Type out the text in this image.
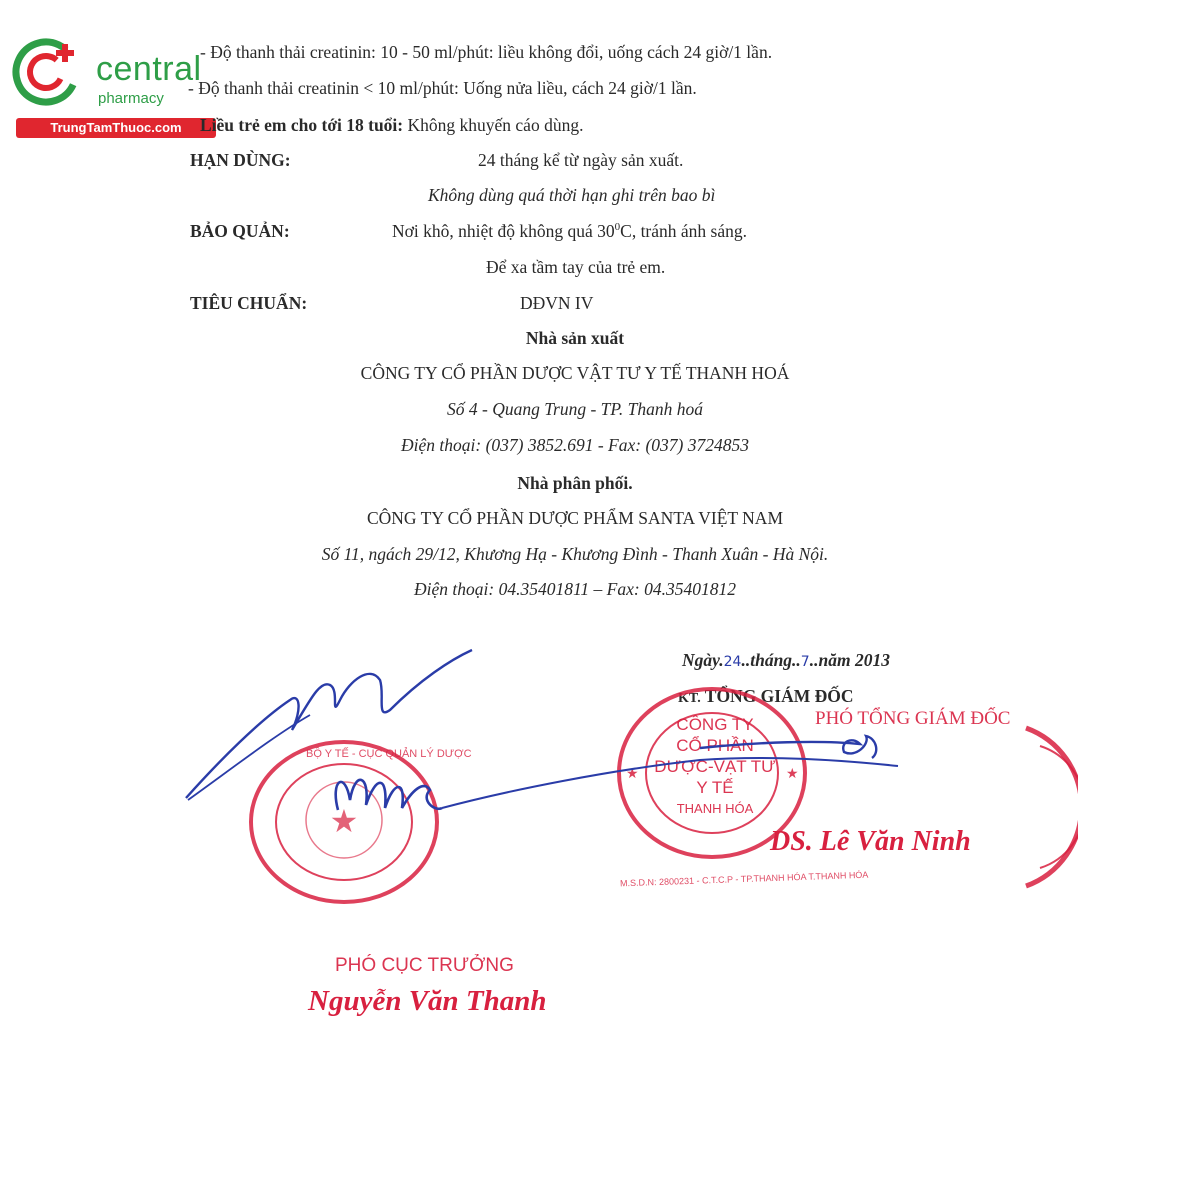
central
pharmacy
TrungTamThuoc.com
- Độ thanh thải creatinin: 10 - 50 ml/phút: liều không đổi, uống cách 24 giờ/1 lần.
- Độ thanh thải creatinin < 10 ml/phút: Uống nửa liều, cách 24 giờ/1 lần.
Liều trẻ em cho tới 18 tuổi: Không khuyến cáo dùng.
HẠN DÙNG:	24 tháng kể từ ngày sản xuất.
Không dùng quá thời hạn ghi trên bao bì
BẢO QUẢN:	Nơi khô, nhiệt độ không quá $30^0C$, tránh ánh sáng.
Để xa tầm tay của trẻ em.
TIÊU CHUẨN:	DĐVN IV
Nhà sản xuất
CÔNG TY CỔ PHẦN DƯỢC VẬT TƯ Y TẾ THANH HOÁ
Số 4 - Quang Trung - TP. Thanh hoá
Điện thoại: (037) 3852.691 - Fax: (037) 3724853
Nhà phân phối.
CÔNG TY CỔ PHẦN DƯỢC PHẨM SANTA VIỆT NAM
Số 11, ngách 29/12, Khương Hạ - Khương Đình - Thanh Xuân - Hà Nội.
Điện thoại: 04.35401811 – Fax: 04.35401812
Ngày.24..tháng..7..năm 2013
KT. TỔNG GIÁM ĐỐC
★	★
CÔNG TY
CỔ PHẦN
DƯỢC-VẬT TƯ
Y TẾ
THANH HÓA
M.S.D.N: 2800231 - C.T.C.P - TP.THANH HÓA T.THANH HÓA
PHÓ TỔNG GIÁM ĐỐC
DS. Lê Văn Ninh
★
BỘ Y TẾ - CỤC QUẢN LÝ DƯỢC
PHÓ CỤC TRƯỞNG
Nguyễn Văn Thanh
